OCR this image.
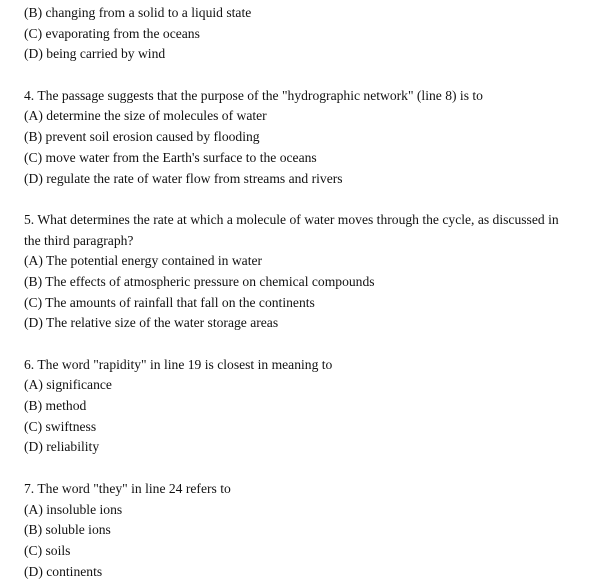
(B) changing from a solid to a liquid state
(C) evaporating from the oceans
(D) being carried by wind
4. The passage suggests that the purpose of the "hydrographic network" (line 8) is to
(A) determine the size of molecules of water
(B) prevent soil erosion caused by flooding
(C) move water from the Earth's surface to the oceans
(D) regulate the rate of water flow from streams and rivers
5. What determines the rate at which a molecule of water moves through the cycle, as discussed in
the third paragraph?
(A) The potential energy contained in water
(B) The effects of atmospheric pressure on chemical compounds
(C) The amounts of rainfall that fall on the continents
(D) The relative size of the water storage areas
6. The word "rapidity" in line 19 is closest in meaning to
(A) significance
(B) method
(C) swiftness
(D) reliability
7. The word "they" in line 24 refers to
(A) insoluble ions
(B) soluble ions
(C) soils
(D) continents
